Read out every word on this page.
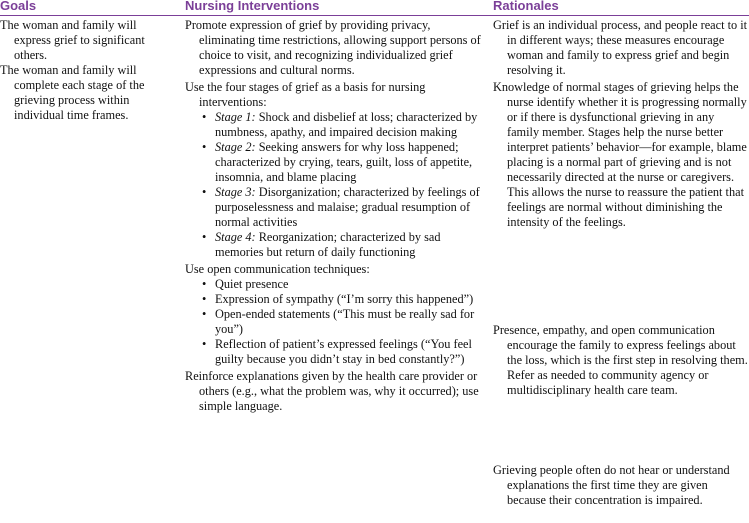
Goals	Nursing Interventions	Rationales

The woman and family will express grief to significant others.

The woman and family will complete each stage of the grieving process within individual time frames.

Promote expression of grief by providing privacy, eliminating time restrictions, allowing support persons of choice to visit, and recognizing individualized grief expressions and cultural norms.

Use the four stages of grief as a basis for nursing interventions:

• Stage 1: Shock and disbelief at loss; characterized by numbness, apathy, and impaired decision making
• Stage 2: Seeking answers for why loss happened; characterized by crying, tears, guilt, loss of appetite, insomnia, and blame placing
• Stage 3: Disorganization; characterized by feelings of purposelessness and malaise; gradual resumption of normal activities
• Stage 4: Reorganization; characterized by sad memories but return of daily functioning

Use open communication techniques:

• Quiet presence
• Expression of sympathy (“I’m sorry this happened”)
• Open-ended statements (“This must be really sad for you”)
• Reflection of patient’s expressed feelings (“You feel guilty because you didn’t stay in bed constantly?”)

Reinforce explanations given by the health care provider or others (e.g., what the problem was, why it occurred); use simple language.

Grief is an individual process, and people react to it in different ways; these measures encourage woman and family to express grief and begin resolving it.

Knowledge of normal stages of grieving helps the nurse identify whether it is progressing normally or if there is dysfunctional grieving in any family member. Stages help the nurse better interpret patients’ behavior—for example, blame placing is a normal part of grieving and is not necessarily directed at the nurse or caregivers. This allows the nurse to reassure the patient that feelings are normal without diminishing the intensity of the feelings.

Presence, empathy, and open communication encourage the family to express feelings about the loss, which is the first step in resolving them. Refer as needed to community agency or multidisciplinary health care team.

Grieving people often do not hear or understand explanations the first time they are given because their concentration is impaired.
